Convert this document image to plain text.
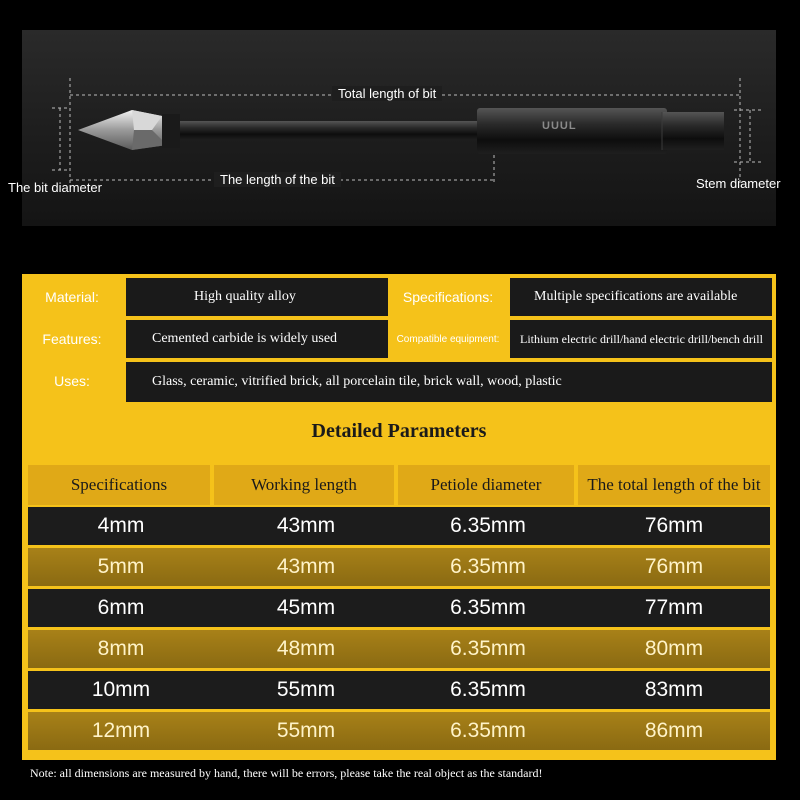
Total length of bit
UUUL
The bit diameter
The length of the bit	Stem diameter
Material:	High quality alloy	Specifications:	Multiple specifications are available
Features:	Cemented carbide is widely used	Compatible equipment:	Lithium electric drill/hand electric drill/bench drill
Uses:	Glass, ceramic, vitrified brick, all porcelain tile, brick wall, wood, plastic
Detailed Parameters
Specifications	Working length	Petiole diameter	The total length of the bit
4mm	43mm	6.35mm	76mm
5mm	43mm	6.35mm	76mm
6mm	45mm	6.35mm	77mm
8mm	48mm	6.35mm	80mm
10mm	55mm	6.35mm	83mm
12mm	55mm	6.35mm	86mm
Note: all dimensions are measured by hand, there will be errors, please take the real object as the standard!
